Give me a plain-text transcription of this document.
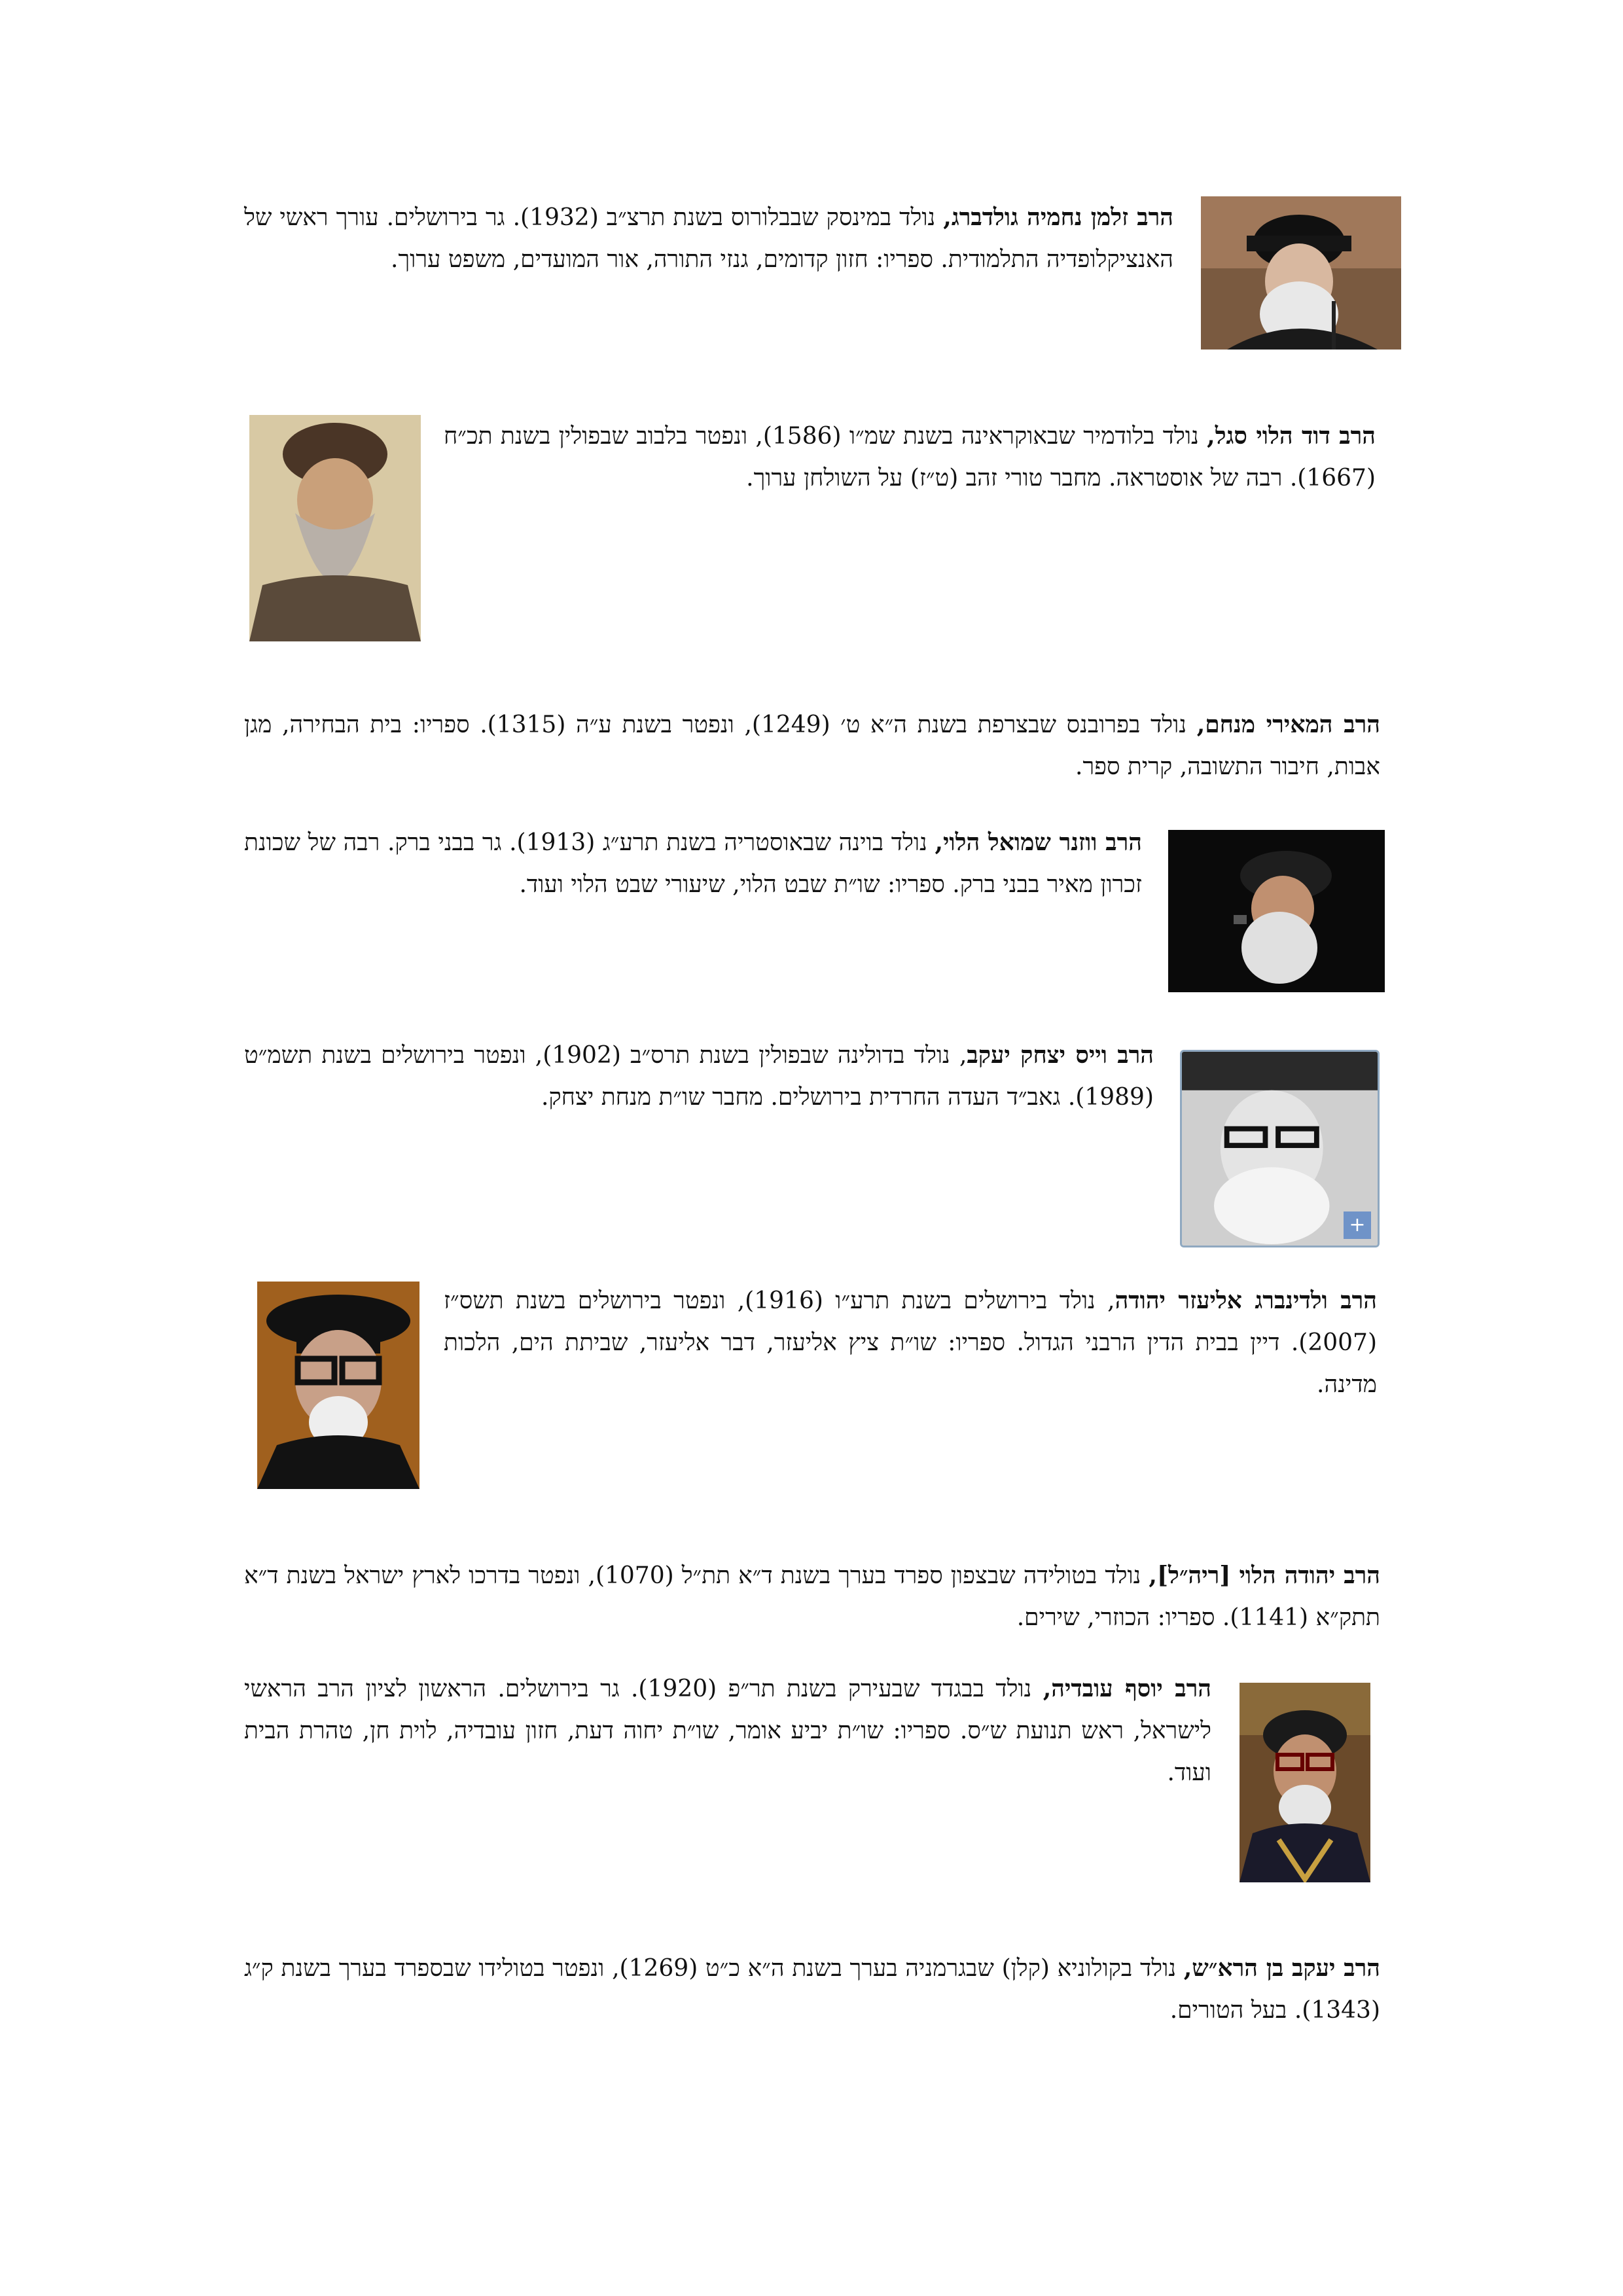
הרב זלמן נחמיה גולדברג, נולד במינסק שבבלורוס בשנת תרצ״ב (1932). גר בירושלים. עורך ראשי של האנציקלופדיה התלמודית. ספריו: חזון קדומים, גנזי התורה, אור המועדים, משפט ערוך.

הרב דוד הלוי סגל, נולד בלודמיר שבאוקראינה בשנת שמ״ו (1586), ונפטר בלבוב שבפולין בשנת תכ״ח (1667). רבה של אוסטראה. מחבר טורי זהב (ט״ז) על השולחן ערוך.

הרב המאירי מנחם, נולד בפרובנס שבצרפת בשנת ה״א ט׳ (1249), ונפטר בשנת ע״ה (1315). ספריו: בית הבחירה, מגן אבות, חיבור התשובה, קרית ספר.

הרב ווזנר שמואל הלוי, נולד בוינה שבאוסטריה בשנת תרע״ג (1913). גר בבני ברק. רבה של שכונת זכרון מאיר בבני ברק. ספריו: שו״ת שבט הלוי, שיעורי שבט הלוי ועוד.

הרב וייס יצחק יעקב, נולד בדולינה שבפולין בשנת תרס״ב (1902), ונפטר בירושלים בשנת תשמ״ט (1989). גאב״ד העדה החרדית בירושלים. מחבר שו״ת מנחת יצחק.

+

הרב ולדינברג אליעזר יהודה, נולד בירושלים בשנת תרע״ו (1916), ונפטר בירושלים בשנת תשס״ז (2007). דיין בבית הדין הרבני הגדול. ספריו: שו״ת ציץ אליעזר, דבר אליעזר, שביתת הים, הלכות מדינה.

הרב יהודה הלוי [ריה״ל], נולד בטולידה שבצפון ספרד בערך בשנת ד״א תת״ל (1070), ונפטר בדרכו לארץ ישראל בשנת ד״א תתק״א (1141). ספריו: הכוזרי, שירים.

הרב יוסף עובדיה, נולד בבגדד שבעירק בשנת תר״פ (1920). גר בירושלים. הראשון לציון הרב הראשי לישראל, ראש תנועת ש״ס. ספריו: שו״ת יביע אומר, שו״ת יחוה דעת, חזון עובדיה, לוית חן, טהרת הבית ועוד.

הרב יעקב בן הרא״ש, נולד בקולוניא (קלן) שבגרמניה בערך בשנת ה״א כ״ט (1269), ונפטר בטולידו שבספרד בערך בשנת ק״ג (1343). בעל הטורים.
